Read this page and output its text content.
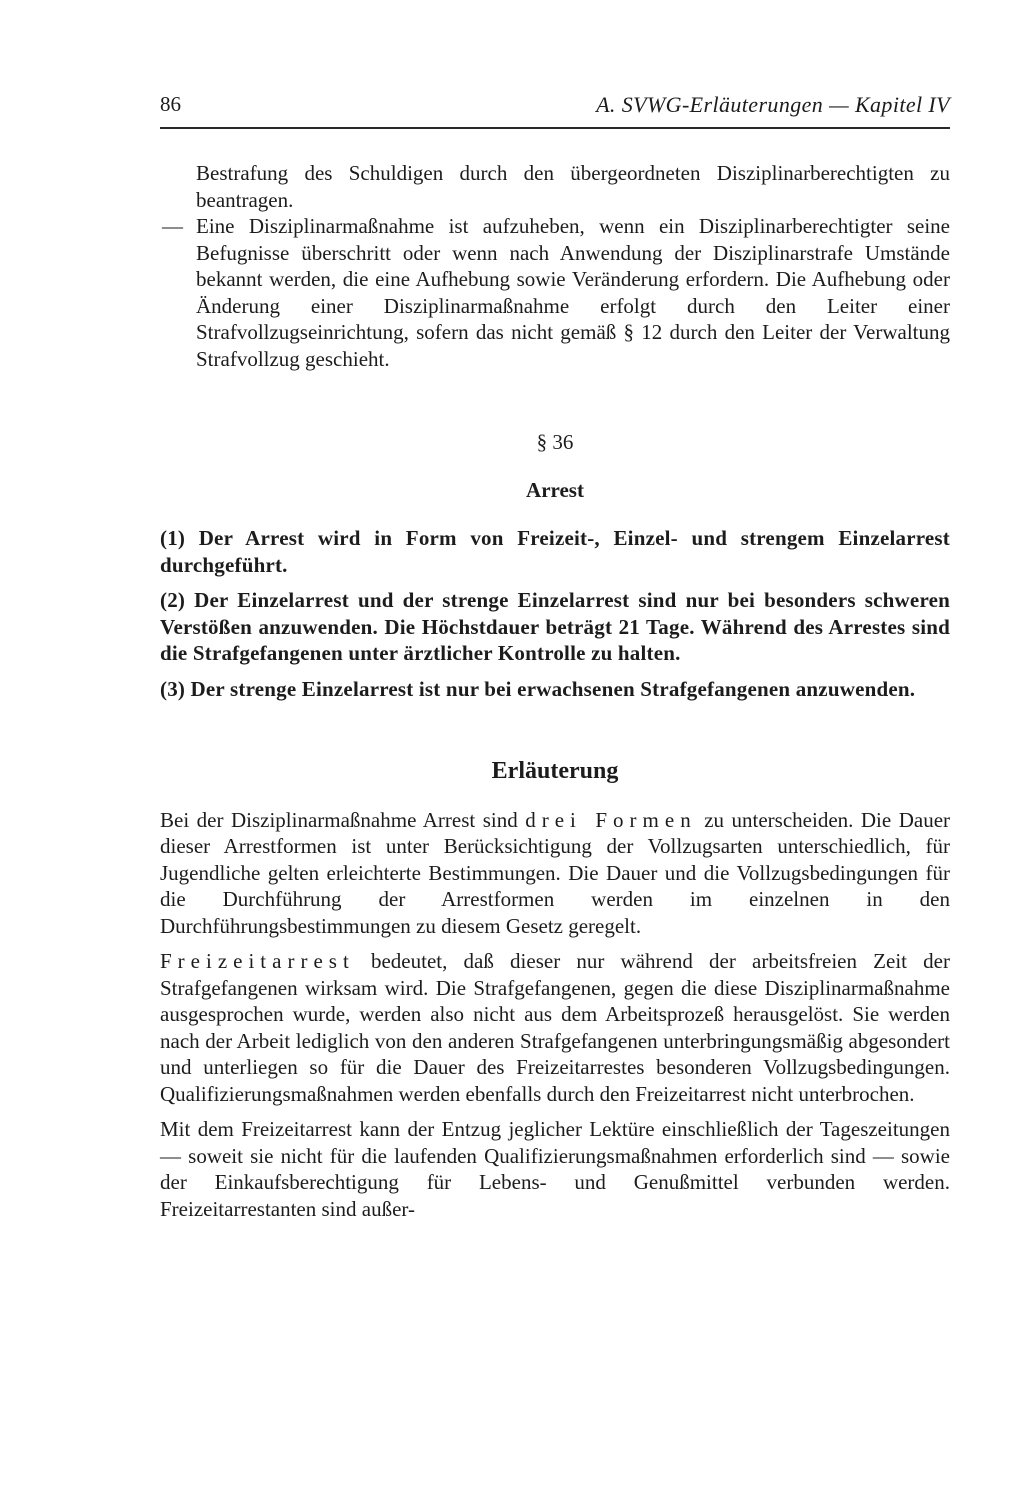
86	A. SVWG-Erläuterungen — Kapitel IV

Bestrafung des Schuldigen durch den übergeordneten Disziplinarberechtigten zu beantragen.

— Eine Disziplinarmaßnahme ist aufzuheben, wenn ein Disziplinarberechtigter seine Befugnisse überschritt oder wenn nach Anwendung der Disziplinarstrafe Umstände bekannt werden, die eine Aufhebung sowie Veränderung erfordern. Die Aufhebung oder Änderung einer Disziplinarmaßnahme erfolgt durch den Leiter einer Strafvollzugseinrichtung, sofern das nicht gemäß § 12 durch den Leiter der Verwaltung Strafvollzug geschieht.

§ 36
Arrest

(1) Der Arrest wird in Form von Freizeit-, Einzel- und strengem Einzelarrest durchgeführt.

(2) Der Einzelarrest und der strenge Einzelarrest sind nur bei besonders schweren Verstößen anzuwenden. Die Höchstdauer beträgt 21 Tage. Während des Arrestes sind die Strafgefangenen unter ärztlicher Kontrolle zu halten.

(3) Der strenge Einzelarrest ist nur bei erwachsenen Strafgefangenen anzuwenden.

Erläuterung

Bei der Disziplinarmaßnahme Arrest sind drei Formen zu unterscheiden. Die Dauer dieser Arrestformen ist unter Berücksichtigung der Vollzugsarten unterschiedlich, für Jugendliche gelten erleichterte Bestimmungen. Die Dauer und die Vollzugsbedingungen für die Durchführung der Arrestformen werden im einzelnen in den Durchführungsbestimmungen zu diesem Gesetz geregelt.

Freizeitarrest bedeutet, daß dieser nur während der arbeitsfreien Zeit der Strafgefangenen wirksam wird. Die Strafgefangenen, gegen die diese Disziplinarmaßnahme ausgesprochen wurde, werden also nicht aus dem Arbeitsprozeß herausgelöst. Sie werden nach der Arbeit lediglich von den anderen Strafgefangenen unterbringungsmäßig abgesondert und unterliegen so für die Dauer des Freizeitarrestes besonderen Vollzugsbedingungen. Qualifizierungsmaßnahmen werden ebenfalls durch den Freizeitarrest nicht unterbrochen.

Mit dem Freizeitarrest kann der Entzug jeglicher Lektüre einschließlich der Tageszeitungen — soweit sie nicht für die laufenden Qualifizierungsmaßnahmen erforderlich sind — sowie der Einkaufsberechtigung für Lebens- und Genußmittel verbunden werden. Freizeitarrestanten sind außer-
